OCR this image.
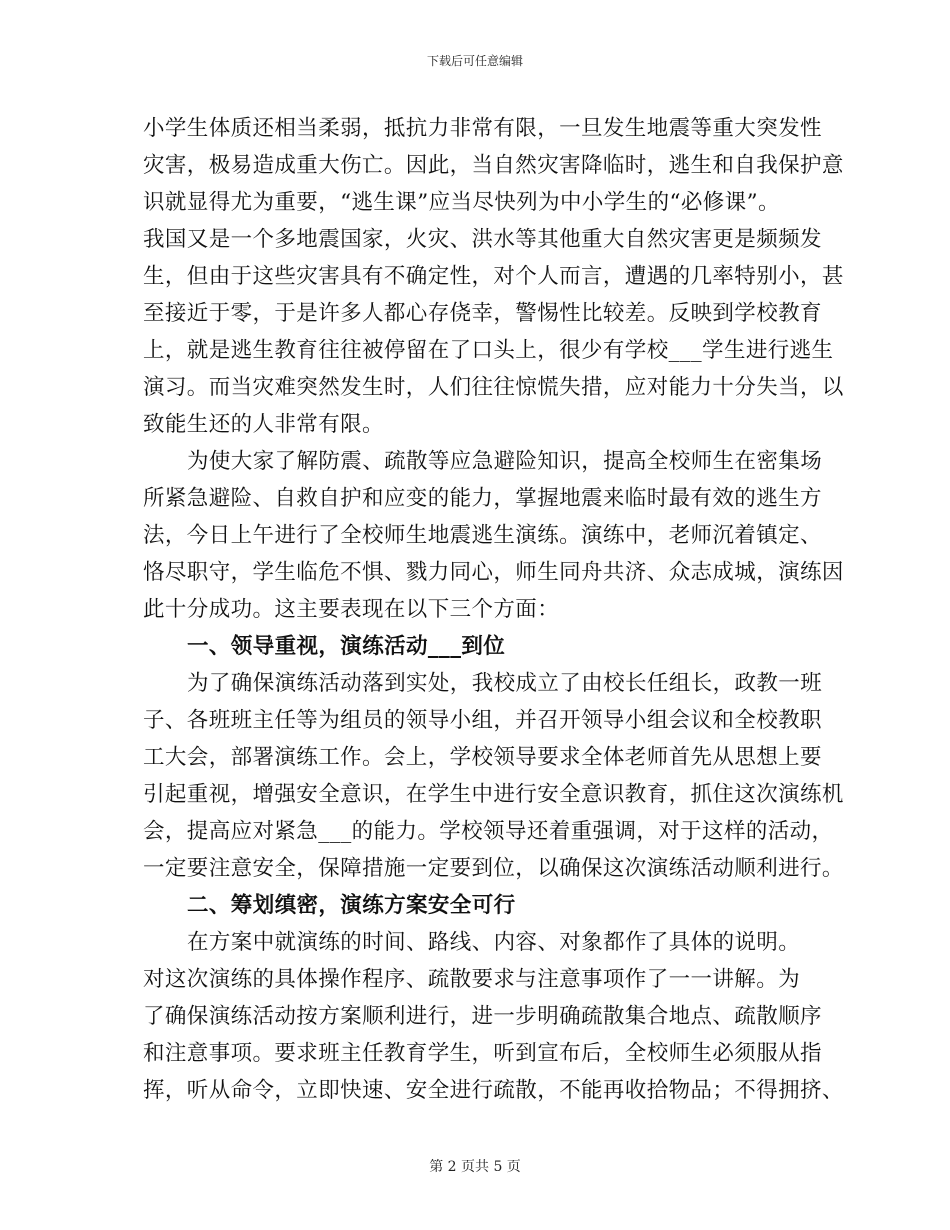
下载后可任意编辑
小学生体质还相当柔弱，抵抗力非常有限，一旦发生地震等重大突发性
灾害，极易造成重大伤亡。因此，当自然灾害降临时，逃生和自我保护意
识就显得尤为重要，“逃生课”应当尽快列为中小学生的“必修课”。
我国又是一个多地震国家，火灾、洪水等其他重大自然灾害更是频频发
生，但由于这些灾害具有不确定性，对个人而言，遭遇的几率特别小，甚
至接近于零，于是许多人都心存侥幸，警惕性比较差。反映到学校教育
上，就是逃生教育往往被停留在了口头上，很少有学校___学生进行逃生
演习。而当灾难突然发生时，人们往往惊慌失措，应对能力十分失当，以
致能生还的人非常有限。
为使大家了解防震、疏散等应急避险知识，提高全校师生在密集场
所紧急避险、自救自护和应变的能力，掌握地震来临时最有效的逃生方
法，今日上午进行了全校师生地震逃生演练。演练中，老师沉着镇定、
恪尽职守，学生临危不惧、戮力同心，师生同舟共济、众志成城，演练因
此十分成功。这主要表现在以下三个方面：
一、领导重视，演练活动___到位
为了确保演练活动落到实处，我校成立了由校长任组长，政教一班
子、各班班主任等为组员的领导小组，并召开领导小组会议和全校教职
工大会，部署演练工作。会上，学校领导要求全体老师首先从思想上要
引起重视，增强安全意识，在学生中进行安全意识教育，抓住这次演练机
会，提高应对紧急___的能力。学校领导还着重强调，对于这样的活动，
一定要注意安全，保障措施一定要到位，以确保这次演练活动顺利进行。
二、筹划缜密，演练方案安全可行
在方案中就演练的时间、路线、内容、对象都作了具体的说明。
对这次演练的具体操作程序、疏散要求与注意事项作了一一讲解。为
了确保演练活动按方案顺利进行，进一步明确疏散集合地点、疏散顺序
和注意事项。要求班主任教育学生，听到宣布后，全校师生必须服从指
挥，听从命令，立即快速、安全进行疏散，不能再收拾物品；不得拥挤、
第 2 页共 5 页
